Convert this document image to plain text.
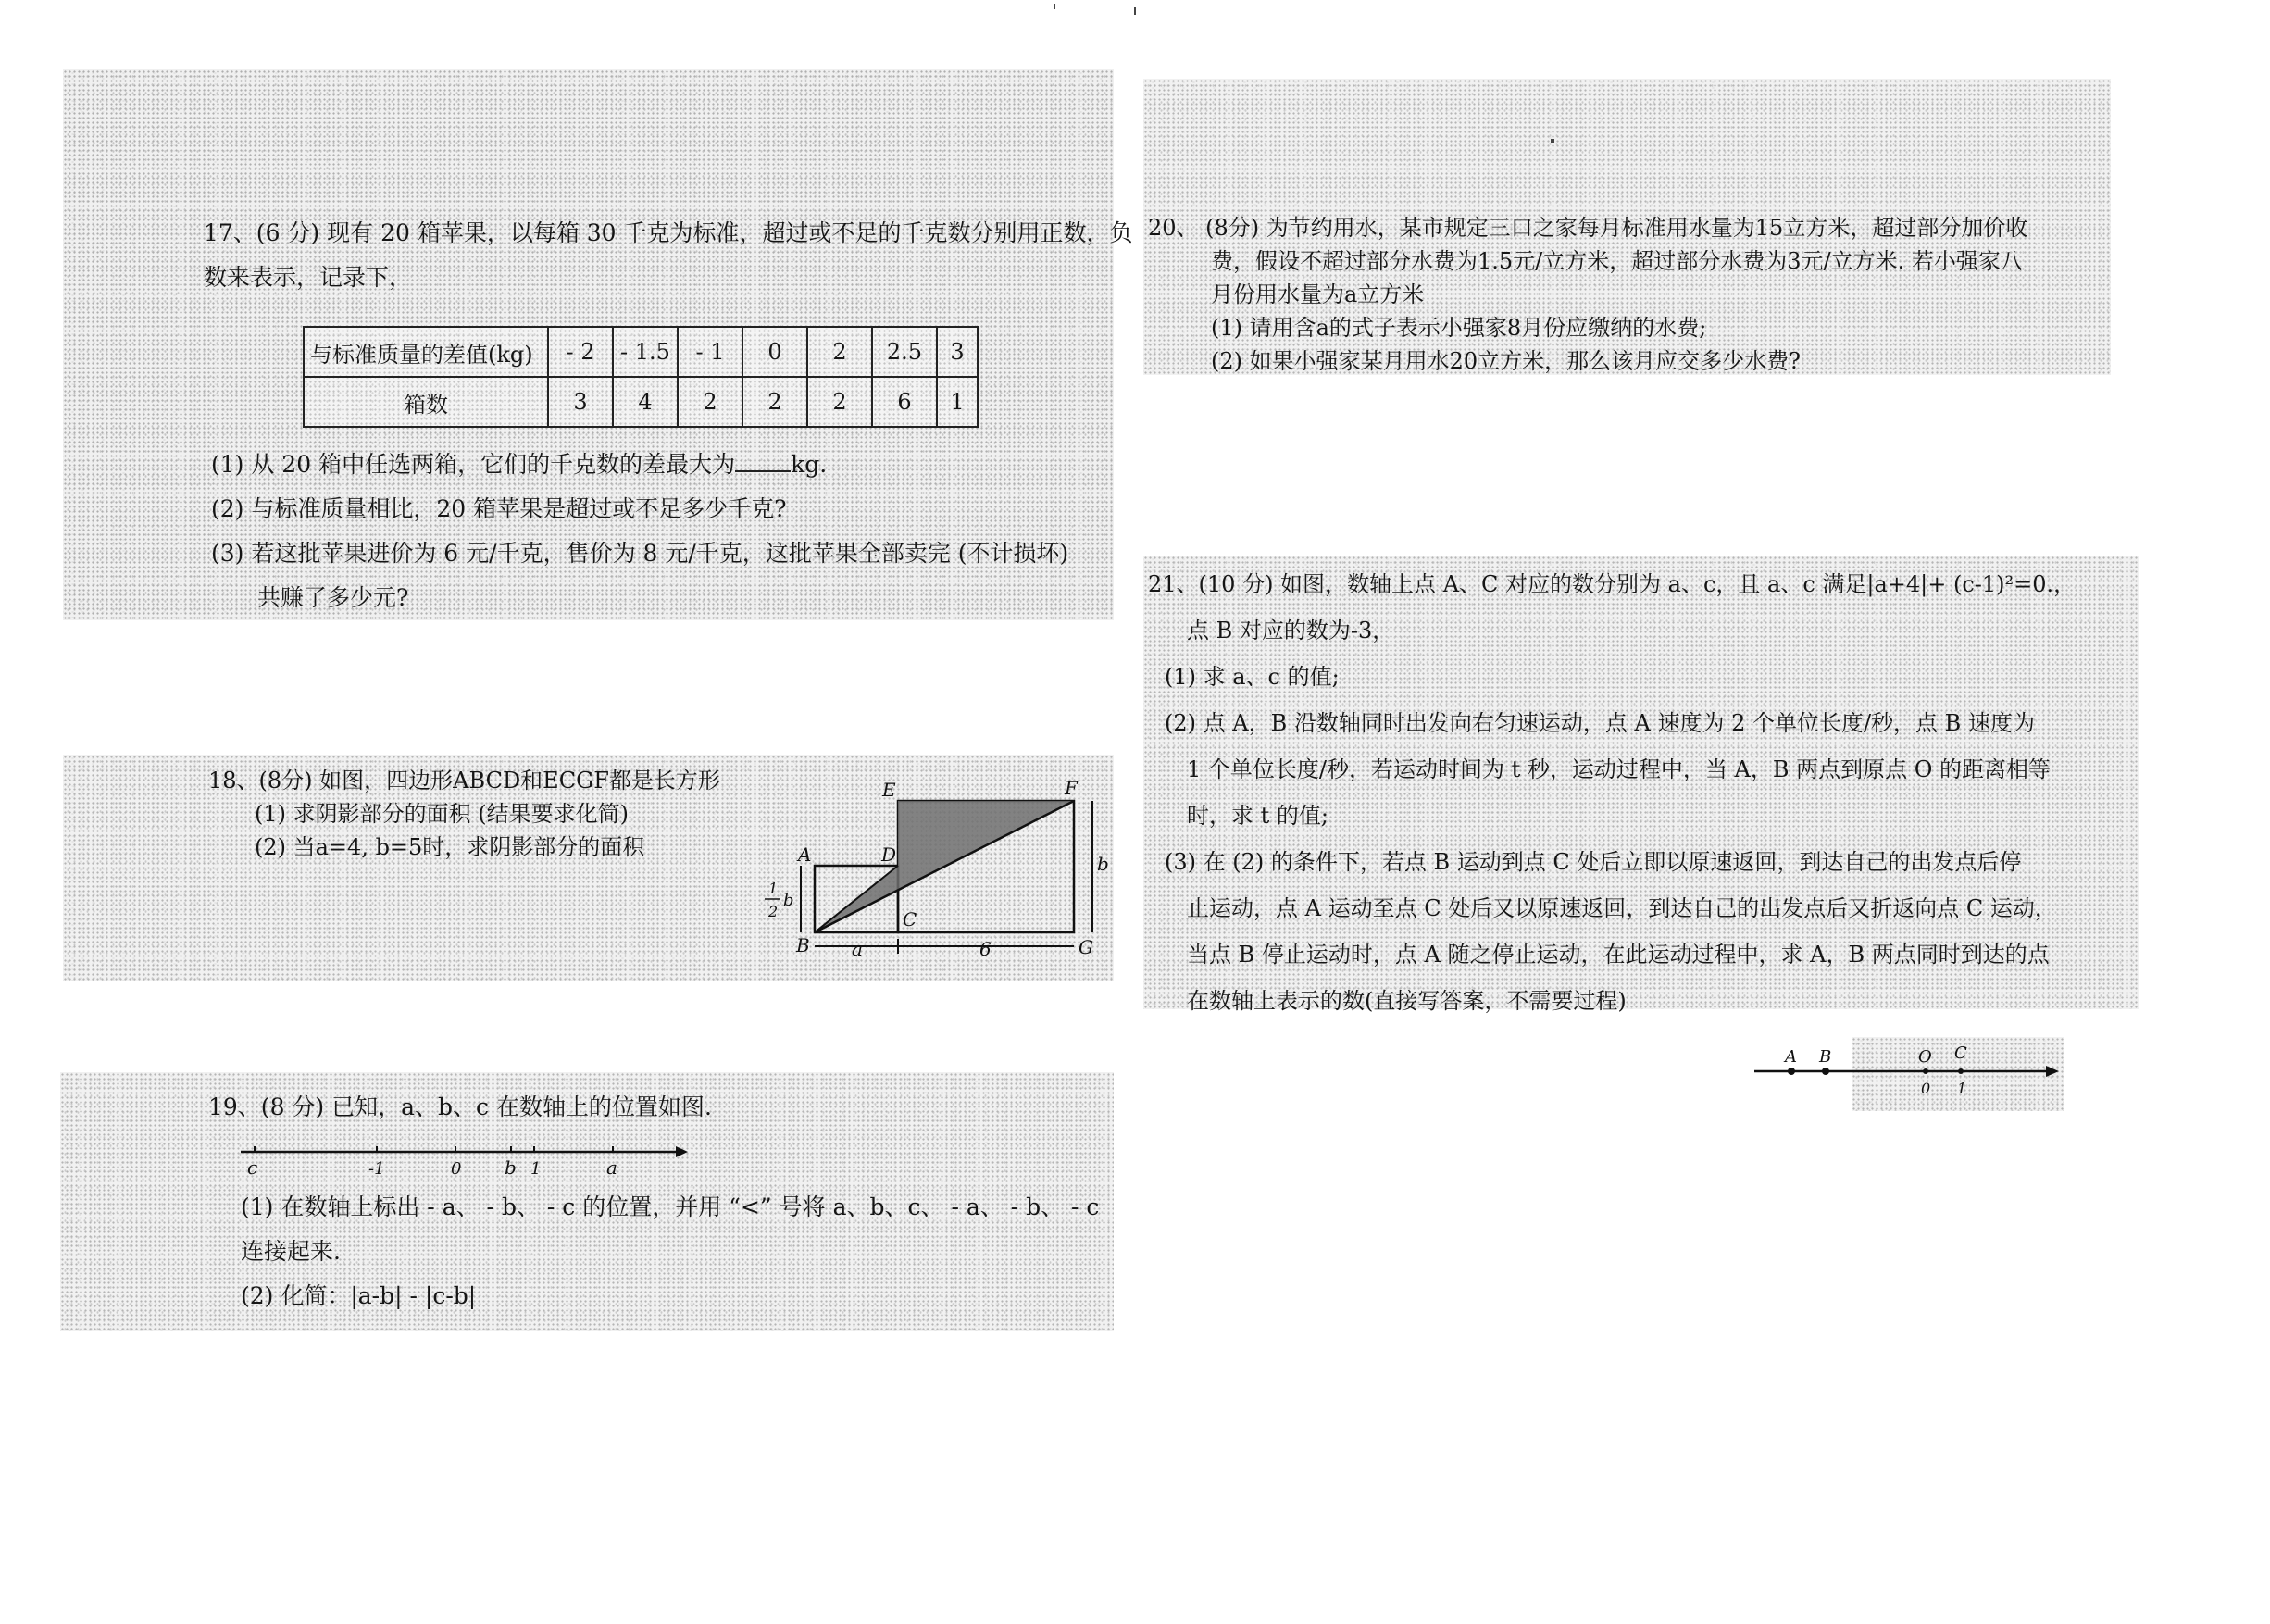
17、(6 分) 现有 20 箱苹果，以每箱 30 千克为标准，超过或不足的千克数分别用正数，负
数来表示，记录下，
与标准质量的差值(kg)	- 2	- 1.5	- 1	0	2	2.5	3
箱数	3	4	2	2	2	6	1
(1) 从 20 箱中任选两箱，它们的千克数的差最大为 kg.
(2) 与标准质量相比，20 箱苹果是超过或不足多少千克?
(3) 若这批苹果进价为 6 元/千克，售价为 8 元/千克，这批苹果全部卖完 (不计损坏)
共赚了多少元?
18、(8分) 如图，四边形ABCD和ECGF都是长方形
(1) 求阴影部分的面积 (结果要求化简)
(2) 当a=4, b=5时，求阴影部分的面积	A
B
C
D
E	F
G
a	6
b
1
2
b
19、(8 分) 已知，a、b、c 在数轴上的位置如图.
c	-1	0 b 1	a
(1) 在数轴上标出 - a、 - b、 - c 的位置，并用 “<” 号将 a、b、c、 - a、 - b、 - c
连接起来.
(2) 化简：|a-b| - |c-b|
20、 (8分) 为节约用水，某市规定三口之家每月标准用水量为15立方米，超过部分加价收
费，假设不超过部分水费为1.5元/立方米，超过部分水费为3元/立方米. 若小强家八
月份用水量为a立方米
(1) 请用含a的式子表示小强家8月份应缴纳的水费;
(2) 如果小强家某月用水20立方米，那么该月应交多少水费?
21、(10 分) 如图，数轴上点 A、C 对应的数分别为 a、c，且 a、c 满足|a+4|+ (c-1)²=0.，
点 B 对应的数为-3，
(1) 求 a、c 的值;
(2) 点 A，B 沿数轴同时出发向右匀速运动，点 A 速度为 2 个单位长度/秒，点 B 速度为
1 个单位长度/秒，若运动时间为 t 秒，运动过程中，当 A，B 两点到原点 O 的距离相等
时，求 t 的值;
(3) 在 (2) 的条件下，若点 B 运动到点 C 处后立即以原速返回，到达自己的出发点后停
止运动，点 A 运动至点 C 处后又以原速返回，到达自己的出发点后又折返向点 C 运动，
当点 B 停止运动时，点 A 随之停止运动，在此运动过程中，求 A，B 两点同时到达的点
在数轴上表示的数(直接写答案，不需要过程)
A B	O C
0 1
